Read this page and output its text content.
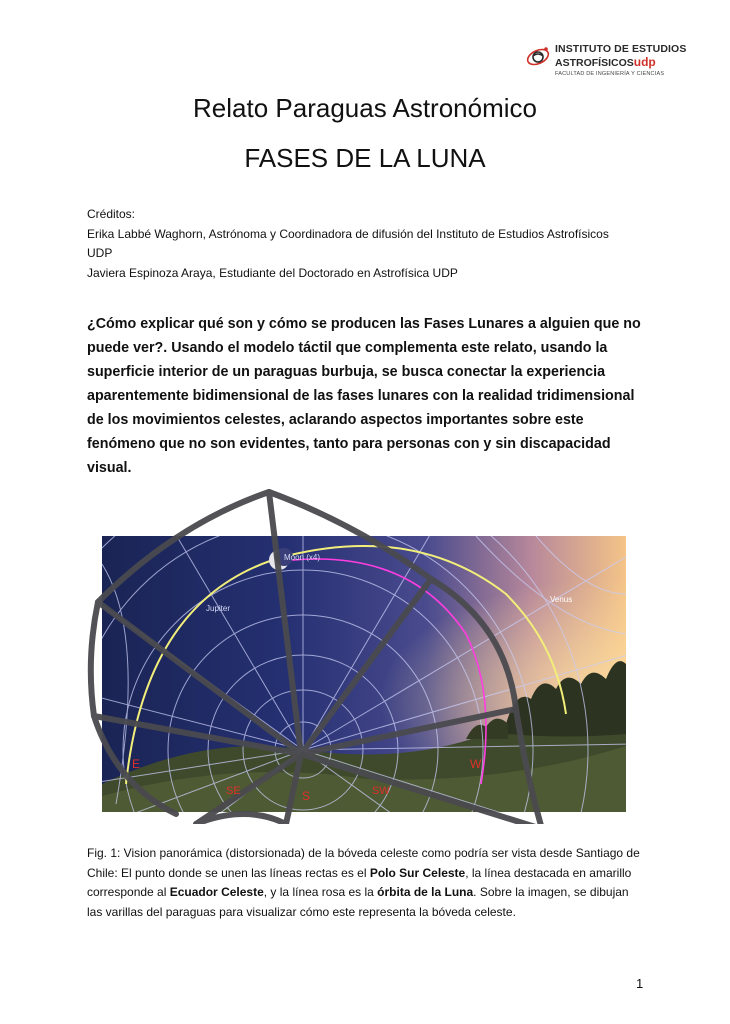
INSTITUTO DE ESTUDIOS
ASTROFÍSICOSudp
FACULTAD DE INGENIERÍA Y CIENCIAS
Relato Paraguas Astronómico
FASES DE LA LUNA
Créditos:
Erika Labbé Waghorn, Astrónoma y Coordinadora de difusión del Instituto de Estudios Astrofísicos
UDP
Javiera Espinoza Araya, Estudiante del Doctorado en Astrofísica UDP
¿Cómo explicar qué son y cómo se producen las Fases Lunares a alguien que no puede ver?. Usando el modelo táctil que complementa este relato, usando la superficie interior de un paraguas burbuja, se busca conectar la experiencia aparentemente bidimensional de las fases lunares con la realidad tridimensional de los movimientos celestes, aclarando aspectos importantes sobre este fenómeno que no son evidentes, tanto para personas con y sin discapacidad visual.
Moon (x4)
Jupiter
Venus
E	W
SE	S	SW
Fig. 1: Vision panorámica (distorsionada) de la bóveda celeste como podría ser vista desde Santiago de Chile: El punto donde se unen las líneas rectas es el Polo Sur Celeste, la línea destacada en amarillo corresponde al Ecuador Celeste, y la línea rosa es la órbita de la Luna. Sobre la imagen, se dibujan las varillas del paraguas para visualizar cómo este representa la bóveda celeste.
1
